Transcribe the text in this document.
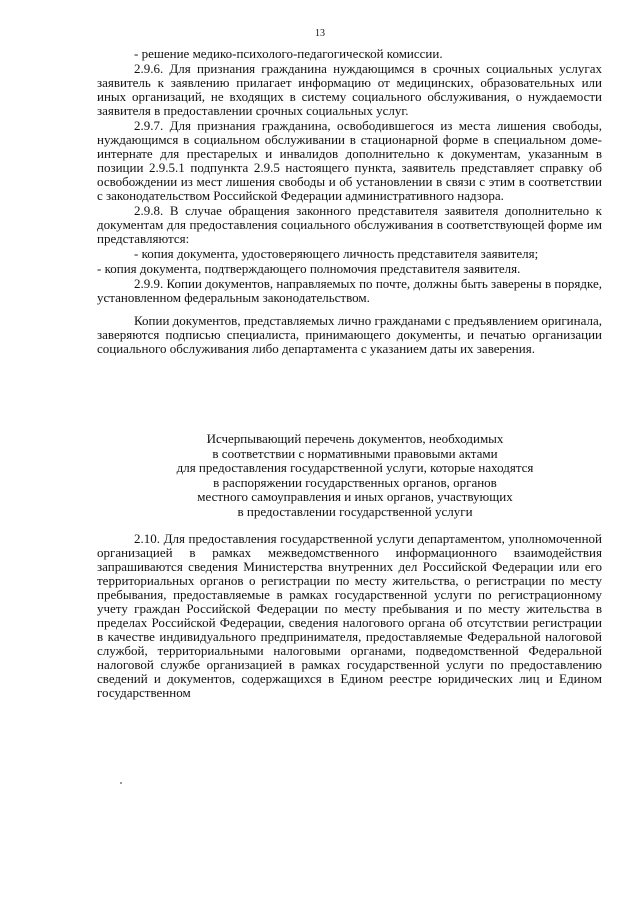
13

- решение медико-психолого-педагогической комиссии.

2.9.6. Для признания гражданина нуждающимся в срочных социальных услугах заявитель к заявлению прилагает информацию от медицинских, образовательных или иных организаций, не входящих в систему социального обслуживания, о нуждаемости заявителя в предоставлении срочных социальных услуг.

2.9.7. Для признания гражданина, освободившегося из места лишения свободы, нуждающимся в социальном обслуживании в стационарной форме в специальном доме-интернате для престарелых и инвалидов дополнительно к документам, указанным в позиции 2.9.5.1 подпункта 2.9.5 настоящего пункта, заявитель представляет справку об освобождении из мест лишения свободы и об установлении в связи с этим в соответствии с законодательством Российской Федерации административного надзора.

2.9.8. В случае обращения законного представителя заявителя дополнительно к документам для предоставления социального обслуживания в соответствующей форме им представляются:

- копия документа, удостоверяющего личность представителя заявителя;

- копия документа, подтверждающего полномочия представителя заявителя.

2.9.9. Копии документов, направляемых по почте, должны быть заверены в порядке, установленном федеральным законодательством.

Копии документов, представляемых лично гражданами с предъявлением оригинала, заверяются подписью специалиста, принимающего документы, и печатью организации социального обслуживания либо департамента с указанием даты их заверения.

Исчерпывающий перечень документов, необходимых
в соответствии с нормативными правовыми актами
для предоставления государственной услуги, которые находятся
в распоряжении государственных органов, органов
местного самоуправления и иных органов, участвующих
в предоставлении государственной услуги

2.10. Для предоставления государственной услуги департаментом, уполномоченной организацией в рамках межведомственного информационного взаимодействия запрашиваются сведения Министерства внутренних дел Российской Федерации или его территориальных органов о регистрации по месту жительства, о регистрации по месту пребывания, предоставляемые в рамках государственной услуги по регистрационному учету граждан Российской Федерации по месту пребывания и по месту жительства в пределах Российской Федерации, сведения налогового органа об отсутствии регистрации в качестве индивидуального предпринимателя, предоставляемые Федеральной налоговой службой, территориальными налоговыми органами, подведомственной Федеральной налоговой службе организацией в рамках государственной услуги по предоставлению сведений и документов, содержащихся в Едином реестре юридических лиц и Едином государственном
